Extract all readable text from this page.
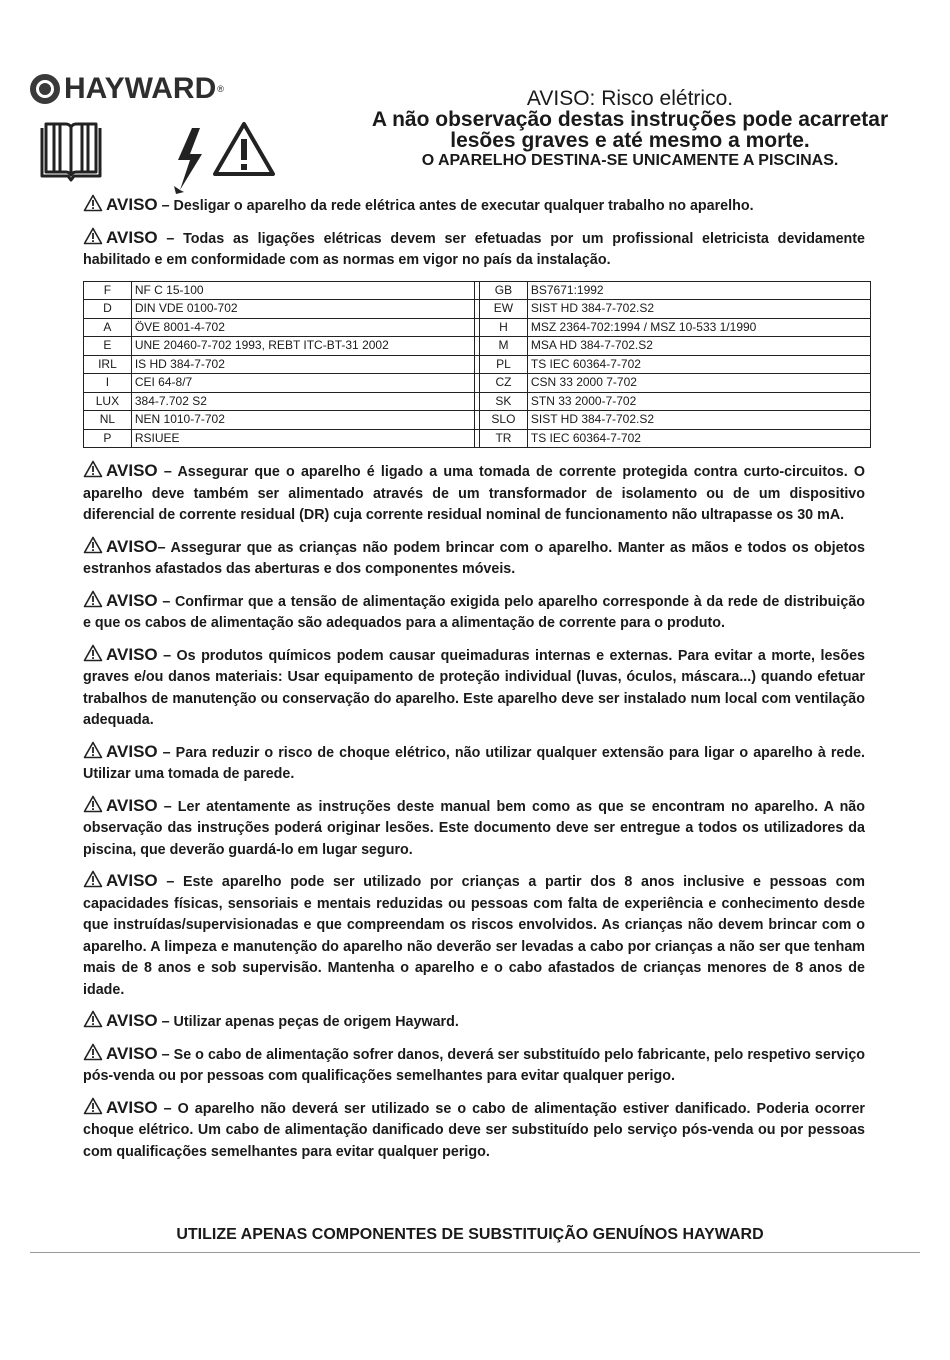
HAYWARD ®	AVISO: Risco elétrico.
A não observação destas instruções pode acarretar
lesões graves e até mesmo a morte.
O APARELHO DESTINA-SE UNICAMENTE A PISCINAS.

AVISO – Desligar o aparelho da rede elétrica antes de executar qualquer trabalho no aparelho.

AVISO – Todas as ligações elétricas devem ser efetuadas por um profissional eletricista devidamente habilitado e em conformidade com as normas em vigor no país da instalação.

F	NF C 15-100		GB	BS7671:1992
D	DIN VDE 0100-702		EW	SIST HD 384-7-702.S2
A	ÖVE 8001-4-702		H	MSZ 2364-702:1994 / MSZ 10-533 1/1990
E	UNE 20460-7-702 1993, REBT ITC-BT-31 2002		M	MSA HD 384-7-702.S2
IRL	IS HD 384-7-702		PL	TS IEC 60364-7-702
I	CEI 64-8/7		CZ	CSN 33 2000 7-702
LUX	384-7.702 S2		SK	STN 33 2000-7-702
NL	NEN 1010-7-702		SLO	SIST HD 384-7-702.S2
P	RSIUEE		TR	TS IEC 60364-7-702

AVISO – Assegurar que o aparelho é ligado a uma tomada de corrente protegida contra curto-circuitos. O aparelho deve também ser alimentado através de um transformador de isolamento ou de um dispositivo diferencial de corrente residual (DR) cuja corrente residual nominal de funcionamento não ultrapasse os 30 mA.

AVISO– Assegurar que as crianças não podem brincar com o aparelho. Manter as mãos e todos os objetos estranhos afastados das aberturas e dos componentes móveis.

AVISO – Confirmar que a tensão de alimentação exigida pelo aparelho corresponde à da rede de distribuição e que os cabos de alimentação são adequados para a alimentação de corrente para o produto.

AVISO – Os produtos químicos podem causar queimaduras internas e externas. Para evitar a morte, lesões graves e/ou danos materiais: Usar equipamento de proteção individual (luvas, óculos, máscara...) quando efetuar trabalhos de manutenção ou conservação do aparelho. Este aparelho deve ser instalado num local com ventilação adequada.

AVISO – Para reduzir o risco de choque elétrico, não utilizar qualquer extensão para ligar o aparelho à rede. Utilizar uma tomada de parede.

AVISO – Ler atentamente as instruções deste manual bem como as que se encontram no aparelho. A não observação das instruções poderá originar lesões. Este documento deve ser entregue a todos os utilizadores da piscina, que deverão guardá-lo em lugar seguro.

AVISO – Este aparelho pode ser utilizado por crianças a partir dos 8 anos inclusive e pessoas com capacidades físicas, sensoriais e mentais reduzidas ou pessoas com falta de experiência e conhecimento desde que instruídas/supervisionadas e que compreendam os riscos envolvidos. As crianças não devem brincar com o aparelho. A limpeza e manutenção do aparelho não deverão ser levadas a cabo por crianças a não ser que tenham mais de 8 anos e sob supervisão. Mantenha o aparelho e o cabo afastados de crianças menores de 8 anos de idade.

AVISO – Utilizar apenas peças de origem Hayward.

AVISO – Se o cabo de alimentação sofrer danos, deverá ser substituído pelo fabricante, pelo respetivo serviço pós-venda ou por pessoas com qualificações semelhantes para evitar qualquer perigo.

AVISO – O aparelho não deverá ser utilizado se o cabo de alimentação estiver danificado. Poderia ocorrer choque elétrico. Um cabo de alimentação danificado deve ser substituído pelo serviço pós-venda ou por pessoas com qualificações semelhantes para evitar qualquer perigo.

UTILIZE APENAS COMPONENTES DE SUBSTITUIÇÃO GENUÍNOS HAYWARD
